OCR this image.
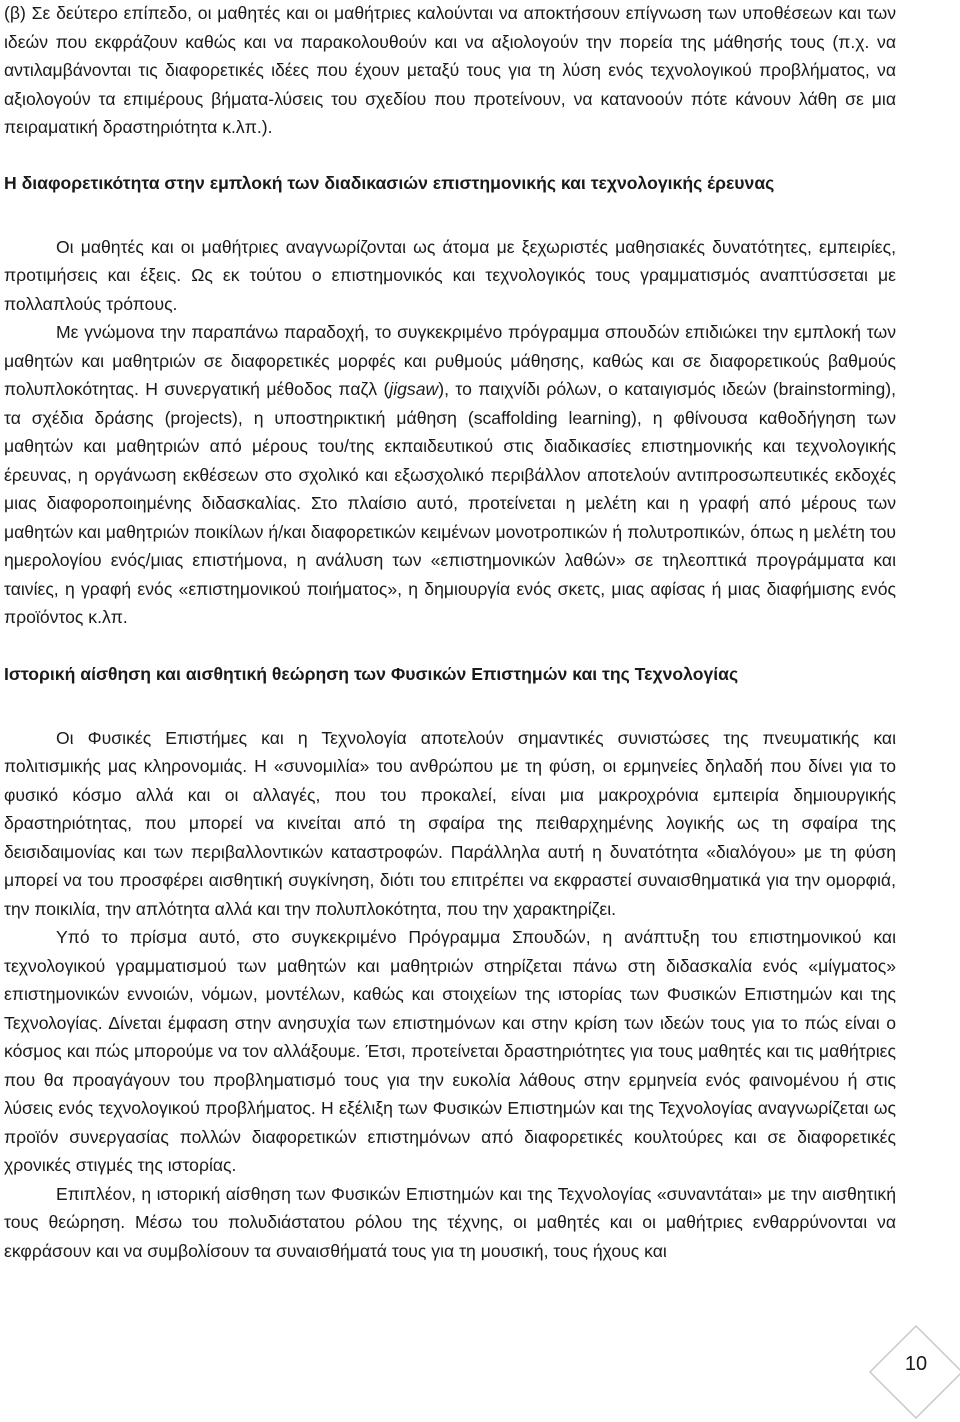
(β) Σε δεύτερο επίπεδο, οι μαθητές και οι μαθήτριες καλούνται να αποκτήσουν επίγνωση των υποθέσεων και των ιδεών που εκφράζουν καθώς και να παρακολουθούν και να αξιολογούν την πορεία της μάθησής τους (π.χ. να αντιλαμβάνονται τις διαφορετικές ιδέες που έχουν μεταξύ τους για τη λύση ενός τεχνολογικού προβλήματος, να αξιολογούν τα επιμέρους βήματα-λύσεις του σχεδίου που προτείνουν, να κατανοούν πότε κάνουν λάθη σε μια πειραματική δραστηριότητα κ.λπ.).

Η διαφορετικότητα στην εμπλοκή των διαδικασιών επιστημονικής και τεχνολογικής έρευνας

Οι μαθητές και οι μαθήτριες αναγνωρίζονται ως άτομα με ξεχωριστές μαθησιακές δυνατότητες, εμπειρίες, προτιμήσεις και έξεις. Ως εκ τούτου ο επιστημονικός και τεχνολογικός τους γραμματισμός αναπτύσσεται με πολλαπλούς τρόπους.

Με γνώμονα την παραπάνω παραδοχή, το συγκεκριμένο πρόγραμμα σπουδών επιδιώκει την εμπλοκή των μαθητών και μαθητριών σε διαφορετικές μορφές και ρυθμούς μάθησης, καθώς και σε διαφορετικούς βαθμούς πολυπλοκότητας. Η συνεργατική μέθοδος παζλ (jigsaw), το παιχνίδι ρόλων, ο καταιγισμός ιδεών (brainstorming), τα σχέδια δράσης (projects), η υποστηρικτική μάθηση (scaffolding learning), η φθίνουσα καθοδήγηση των μαθητών και μαθητριών από μέρους του/της εκπαιδευτικού στις διαδικασίες επιστημονικής και τεχνολογικής έρευνας, η οργάνωση εκθέσεων στο σχολικό και εξωσχολικό περιβάλλον αποτελούν αντιπροσωπευτικές εκδοχές μιας διαφοροποιημένης διδασκαλίας. Στο πλαίσιο αυτό, προτείνεται η μελέτη και η γραφή από μέρους των μαθητών και μαθητριών ποικίλων ή/και διαφορετικών κειμένων μονοτροπικών ή πολυτροπικών, όπως η μελέτη του ημερολογίου ενός/μιας επιστήμονα, η ανάλυση των «επιστημονικών λαθών» σε τηλεοπτικά προγράμματα και ταινίες, η γραφή ενός «επιστημονικού ποιήματος», η δημιουργία ενός σκετς, μιας αφίσας ή μιας διαφήμισης ενός προϊόντος κ.λπ.

Ιστορική αίσθηση και αισθητική θεώρηση των Φυσικών Επιστημών και της Τεχνολογίας

Οι Φυσικές Επιστήμες και η Τεχνολογία αποτελούν σημαντικές συνιστώσες της πνευματικής και πολιτισμικής μας κληρονομιάς. Η «συνομιλία» του ανθρώπου με τη φύση, οι ερμηνείες δηλαδή που δίνει για το φυσικό κόσμο αλλά και οι αλλαγές, που του προκαλεί, είναι μια μακροχρόνια εμπειρία δημιουργικής δραστηριότητας, που μπορεί να κινείται από τη σφαίρα της πειθαρχημένης λογικής ως τη σφαίρα της δεισιδαιμονίας και των περιβαλλοντικών καταστροφών. Παράλληλα αυτή η δυνατότητα «διαλόγου» με τη φύση μπορεί να του προσφέρει αισθητική συγκίνηση, διότι του επιτρέπει να εκφραστεί συναισθηματικά για την ομορφιά, την ποικιλία, την απλότητα αλλά και την πολυπλοκότητα, που την χαρακτηρίζει.

Υπό το πρίσμα αυτό, στο συγκεκριμένο Πρόγραμμα Σπουδών, η ανάπτυξη του επιστημονικού και τεχνολογικού γραμματισμού των μαθητών και μαθητριών στηρίζεται πάνω στη διδασκαλία ενός «μίγματος» επιστημονικών εννοιών, νόμων, μοντέλων, καθώς και στοιχείων της ιστορίας των Φυσικών Επιστημών και της Τεχνολογίας. Δίνεται έμφαση στην ανησυχία των επιστημόνων και στην κρίση των ιδεών τους για το πώς είναι ο κόσμος και πώς μπορούμε να τον αλλάξουμε. Έτσι, προτείνεται δραστηριότητες για τους μαθητές και τις μαθήτριες που θα προαγάγουν του προβληματισμό τους για την ευκολία λάθους στην ερμηνεία ενός φαινομένου ή στις λύσεις ενός τεχνολογικού προβλήματος. Η εξέλιξη των Φυσικών Επιστημών και της Τεχνολογίας αναγνωρίζεται ως προϊόν συνεργασίας πολλών διαφορετικών επιστημόνων από διαφορετικές κουλτούρες και σε διαφορετικές χρονικές στιγμές της ιστορίας.

Επιπλέον, η ιστορική αίσθηση των Φυσικών Επιστημών και της Τεχνολογίας «συναντάται» με την αισθητική τους θεώρηση. Μέσω του πολυδιάστατου ρόλου της τέχνης, οι μαθητές και οι μαθήτριες ενθαρρύνονται να εκφράσουν και να συμβολίσουν τα συναισθήματά τους για τη μουσική, τους ήχους και

10
